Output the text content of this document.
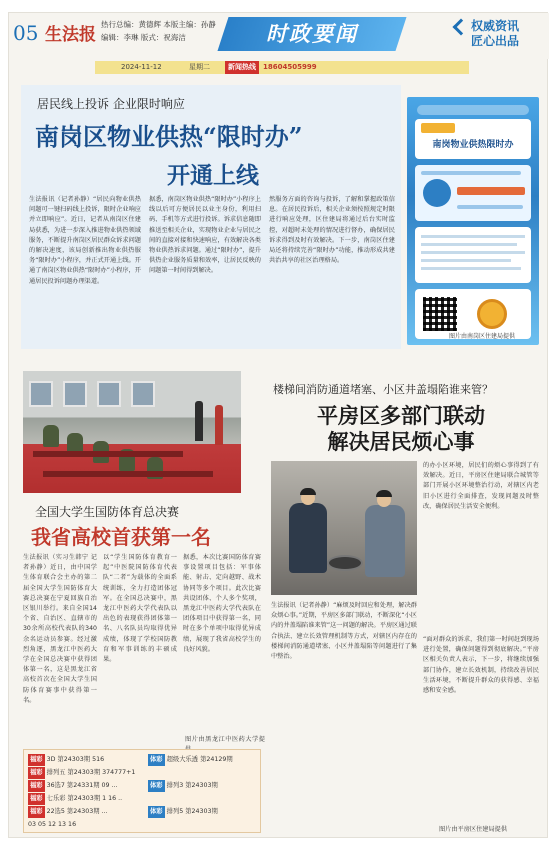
05 生法报
热行总编：黄德辉 本版主编：孙静
编辑：李琳 版式：祝海洁	时政要闻	权威资讯
匠心出品
2024-11-12	星期二	新闻热线	18604505999
居民线上投诉 企业限时响应
南岗区物业供热“限时办”
开通上线
生法报讯（记者孙静）“居民向物业供热问题可一键扫码线上投诉，限时企业响应并立即响应”。近日，记者从南岗区住建局获悉，为进一步深入推进物业供热领域服务，不断提升南岗区居民群众诉求问题的解决速度，该局创新推出物业供热服务“限时办”小程序，并正式开通上线。开通了南岗区物业供热“限时办”小程序，开通居民投诉问题办理渠道。
据悉，南岗区物业供热“限时办”小程序上线以后可方便居民以业主身份，利用扫码、手机等方式进行投诉。诉求信息随即推送至相关企业，实现物业企业与居民之间的直接对接和快速响应，有效解决各类物业供热诉求问题。通过“限时办”，提升供热企业服务质量和效率，让居民反映的问题第一时间得到解决。
然服务方面的咨询与投诉，了解和掌握政策信息。在居民投诉后，相关企业须按照规定时限进行响应处理，区住建局将通过后台实时监控，对超时未处理的情况进行督办，确保居民诉求得到及时有效解决。下一步，南岗区住建局还将持续完善“限时办”功能，推动形成共建共治共享的社区治理格局。
南岗物业供热限时办
图片由南岗区住建局提供
全国大学生国防体育总决赛
我省高校首获第一名
生法报讯（实习生韩宁 记者孙静）近日，由中国学生体育联合会主办的第二届全国大学生国防体育大赛总决赛在宁夏回族自治区银川举行。来自全国14个省、自治区、直辖市的30余所高校代表队的340余名运动员参赛。经过激烈角逐，黑龙江中医药大学在全国总决赛中获得团体第一名，这是黑龙江省高校首次在全国大学生国防体育赛事中获得第一名。
以“学生国防体育教育一起”中医院国防体育代表队“二者”为载体的全面系统训练，全力打造团体冠军。在全国总决赛中，黑龙江中医药大学代表队以出色的表现获得团体第一名、八名队员均取得优异成绩，体现了学校国防教育和军事训练的丰硕成果。
据悉，本次比赛国防体育赛事设置项目包括：军事体能、射击、定向越野、战术协同等多个项目。此次比赛共设团体、个人多个奖项，黑龙江中医药大学代表队在团体项目中获得第一名，同时在多个单项中取得优异成绩，展现了我省高校学生的良好风貌。
图片由黑龙江中医药大学提
楼梯间消防通道堵塞、小区井盖塌陷谁来管？
平房区多部门联动
解决居民烦心事
生法报讯（记者孙静）“麻烦及时回应和处理，解决群众烦心事。”近期，平房区多部门联动，不断深化“小区内的井盖塌陷谁来管”这一问题的解决。平房区通过联合执法、建立长效管理机制等方式，对辖区内存在的楼梯间消防通道堵塞、小区井盖塌陷等问题进行了集中整治。
的办小区环境，居民们的烦心事得到了有效解决。近日，平房区住建局联合城管等部门开展小区环境整治行动，对辖区内老旧小区进行全面排查，发现问题及时整改，确保居民生活安全便利。
“面对群众的诉求，我们第一时间赶到现场进行处置，确保问题得到彻底解决。”平房区相关负责人表示，下一步，将继续加强部门协作，建立长效机制，持续改善居民生活环境，不断提升群众的获得感、幸福感和安全感。
图片由平房区住建局提供
福彩 3D 第24303期 516
福彩 排列五 第24303期 374777+1
福彩 36选7 第24331期 09 ...
福彩 七乐彩 第24303期 1 16 ..
福彩 22选5 第24303期 ...
03 05 12 13 16
体彩 超级大乐透 第24129期
体彩 排列3 第24303期
体彩 排列5 第24303期
